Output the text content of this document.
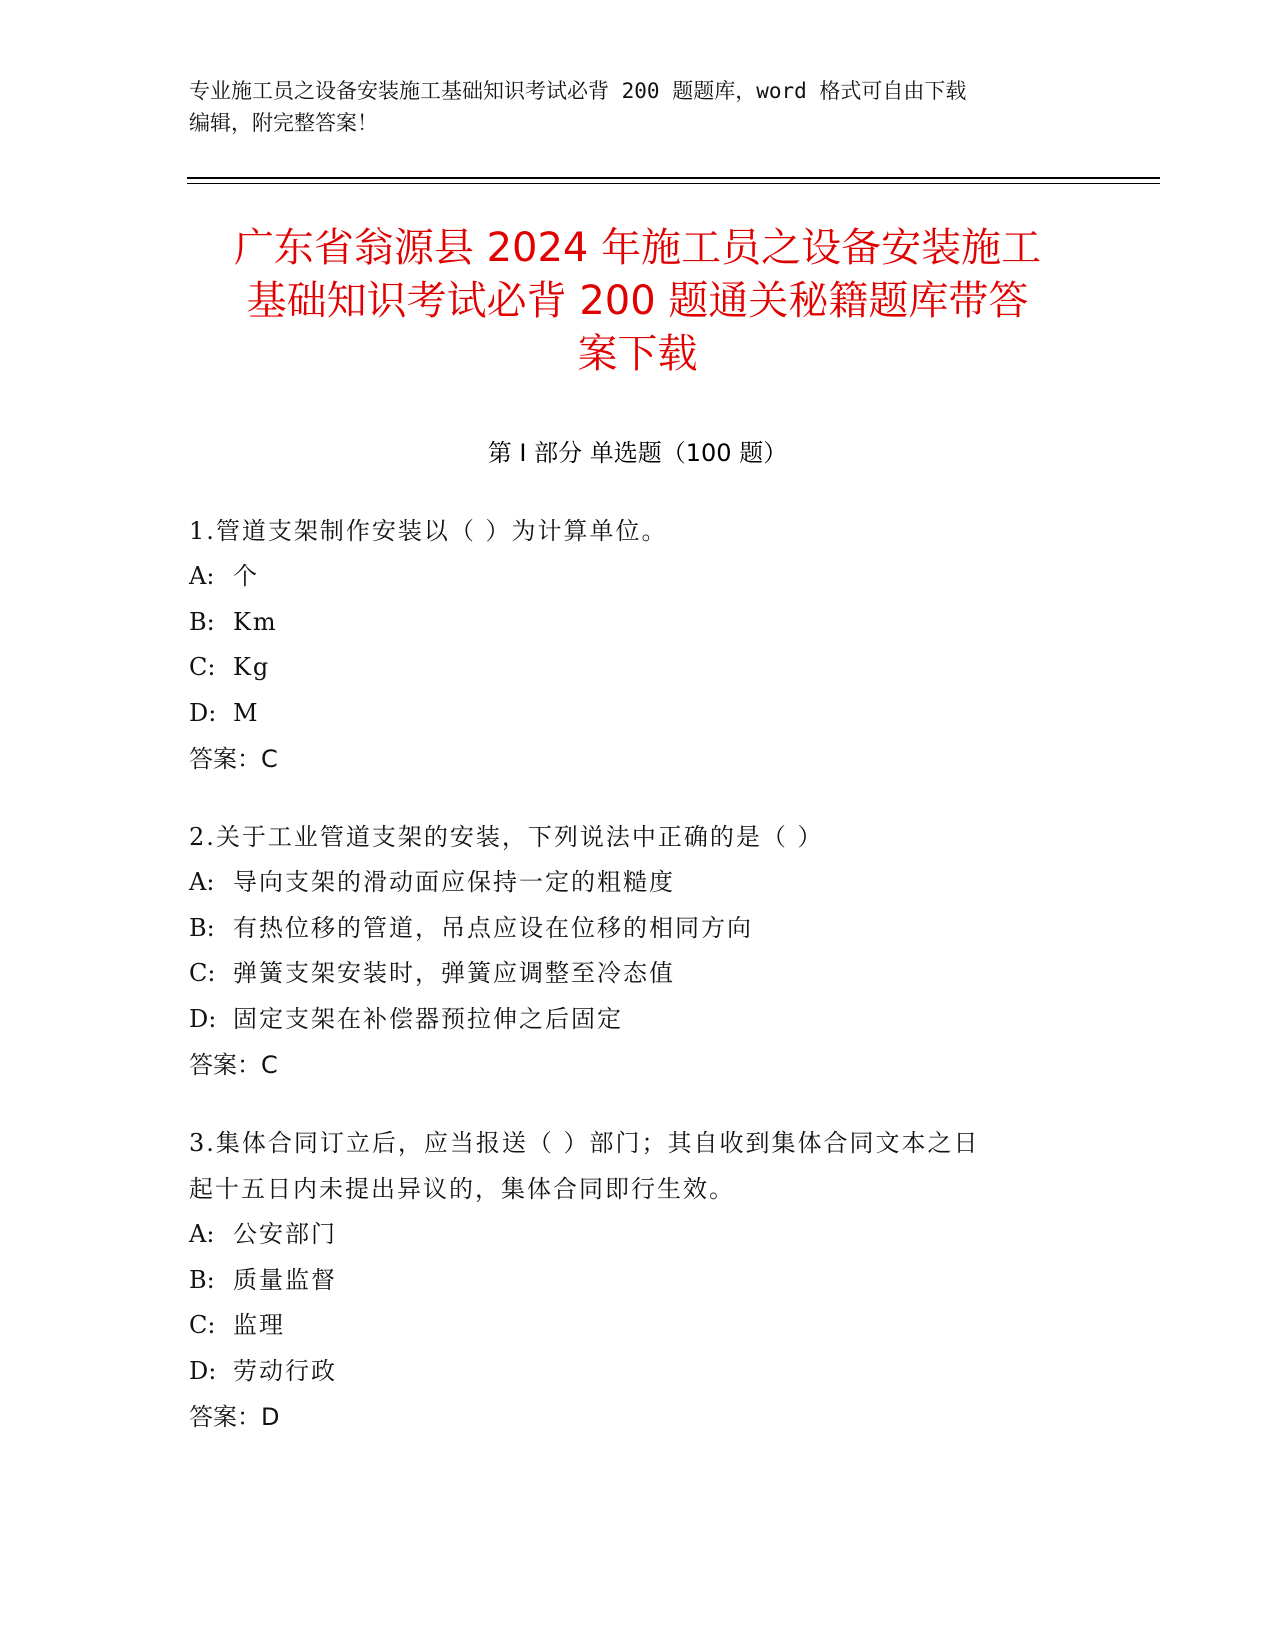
专业施工员之设备安装施工基础知识考试必背 200 题题库，word 格式可自由下载
编辑，附完整答案！
广东省翁源县 2024 年施工员之设备安装施工
基础知识考试必背 200 题通关秘籍题库带答
案下载
第 I 部分 单选题（100 题）
1.管道支架制作安装以（ ）为计算单位。
A: 个
B: Km
C: Kg
D: M
答案：C
2.关于工业管道支架的安装，下列说法中正确的是（ ）
A: 导向支架的滑动面应保持一定的粗糙度
B: 有热位移的管道，吊点应设在位移的相同方向
C: 弹簧支架安装时，弹簧应调整至冷态值
D: 固定支架在补偿器预拉伸之后固定
答案：C
3.集体合同订立后，应当报送（ ）部门；其自收到集体合同文本之日
起十五日内未提出异议的，集体合同即行生效。
A: 公安部门
B: 质量监督
C: 监理
D: 劳动行政
答案：D
